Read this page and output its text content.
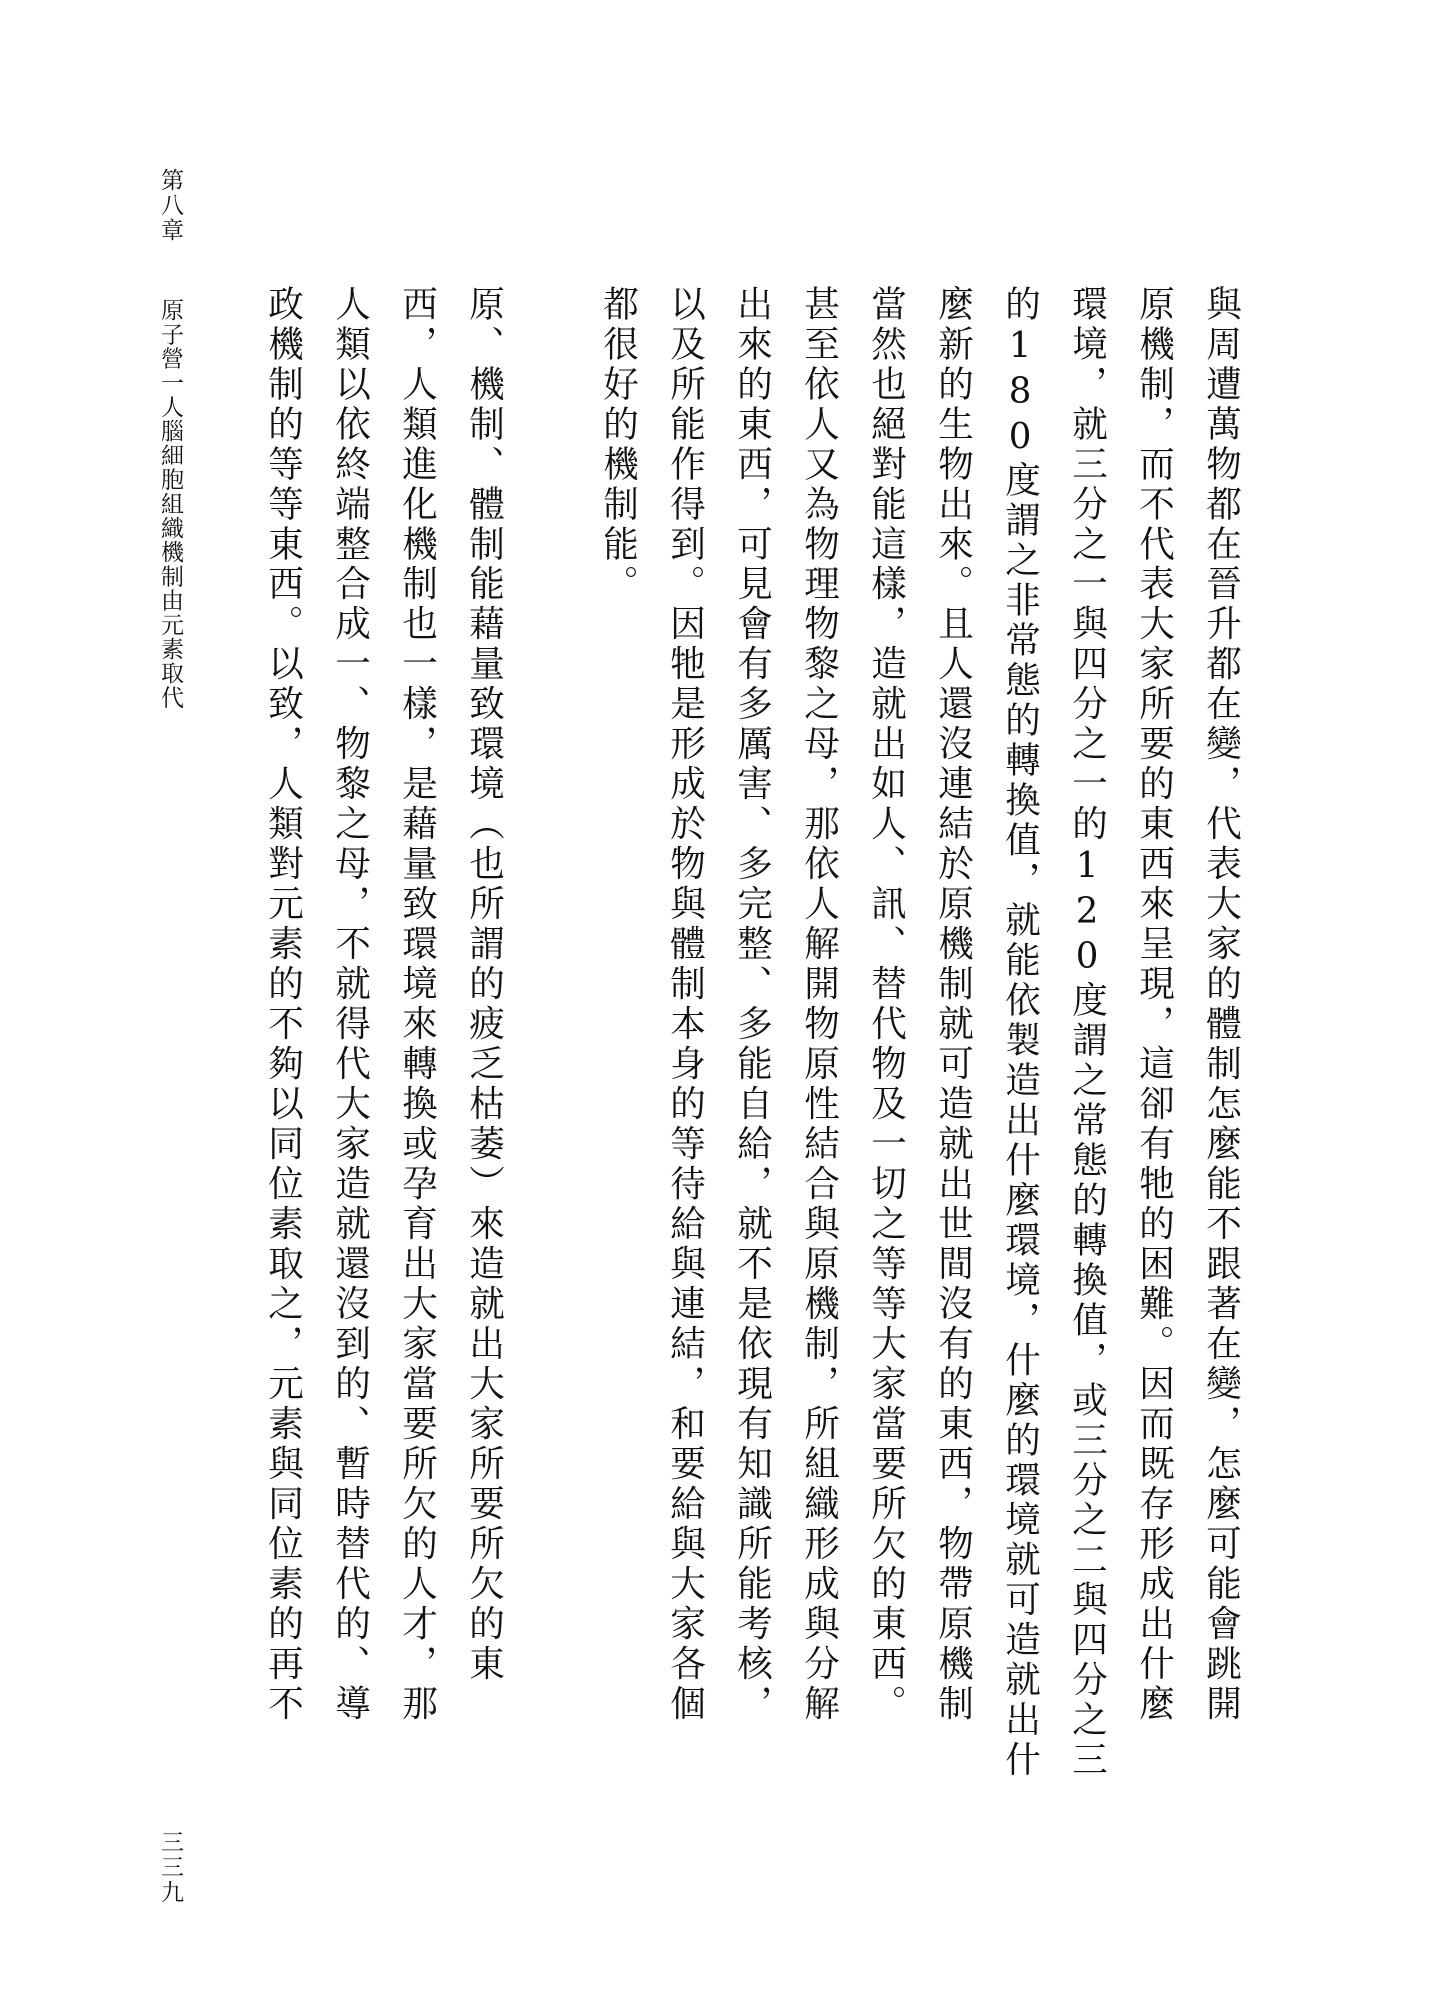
第八章
原子營一人腦細胞組織機制由元素取代
三三九
與周遭萬物都在晉升都在變，代表大家的體制怎麼能不跟著在變，怎麼可能會跳開
原機制，而不代表大家所要的東西來呈現，這卻有牠的困難。因而既存形成出什麼
環境，就三分之一與四分之一的120度謂之常態的轉換值，或三分之二與四分之三
的180度謂之非常態的轉換值，就能依製造出什麼環境，什麼的環境就可造就出什
麼新的生物出來。且人還沒連結於原機制就可造就出世間沒有的東西，物帶原機制
當然也絕對能這樣，造就出如人、訊、替代物及一切之等等大家當要所欠的東西。
甚至依人又為物理物黎之母，那依人解開物原性結合與原機制，所組織形成與分解
出來的東西，可見會有多厲害、多完整、多能自給，就不是依現有知識所能考核，
以及所能作得到。因牠是形成於物與體制本身的等待給與連結，和要給與大家各個
都很好的機制能。
原、機制、體制能藉量致環境︵也所謂的疲乏枯萎︶來造就出大家所要所欠的東
西，人類進化機制也一樣，是藉量致環境來轉換或孕育出大家當要所欠的人才，那
人類以依終端整合成一、物黎之母，不就得代大家造就還沒到的、暫時替代的、導
政機制的等等東西。以致，人類對元素的不夠以同位素取之，元素與同位素的再不
